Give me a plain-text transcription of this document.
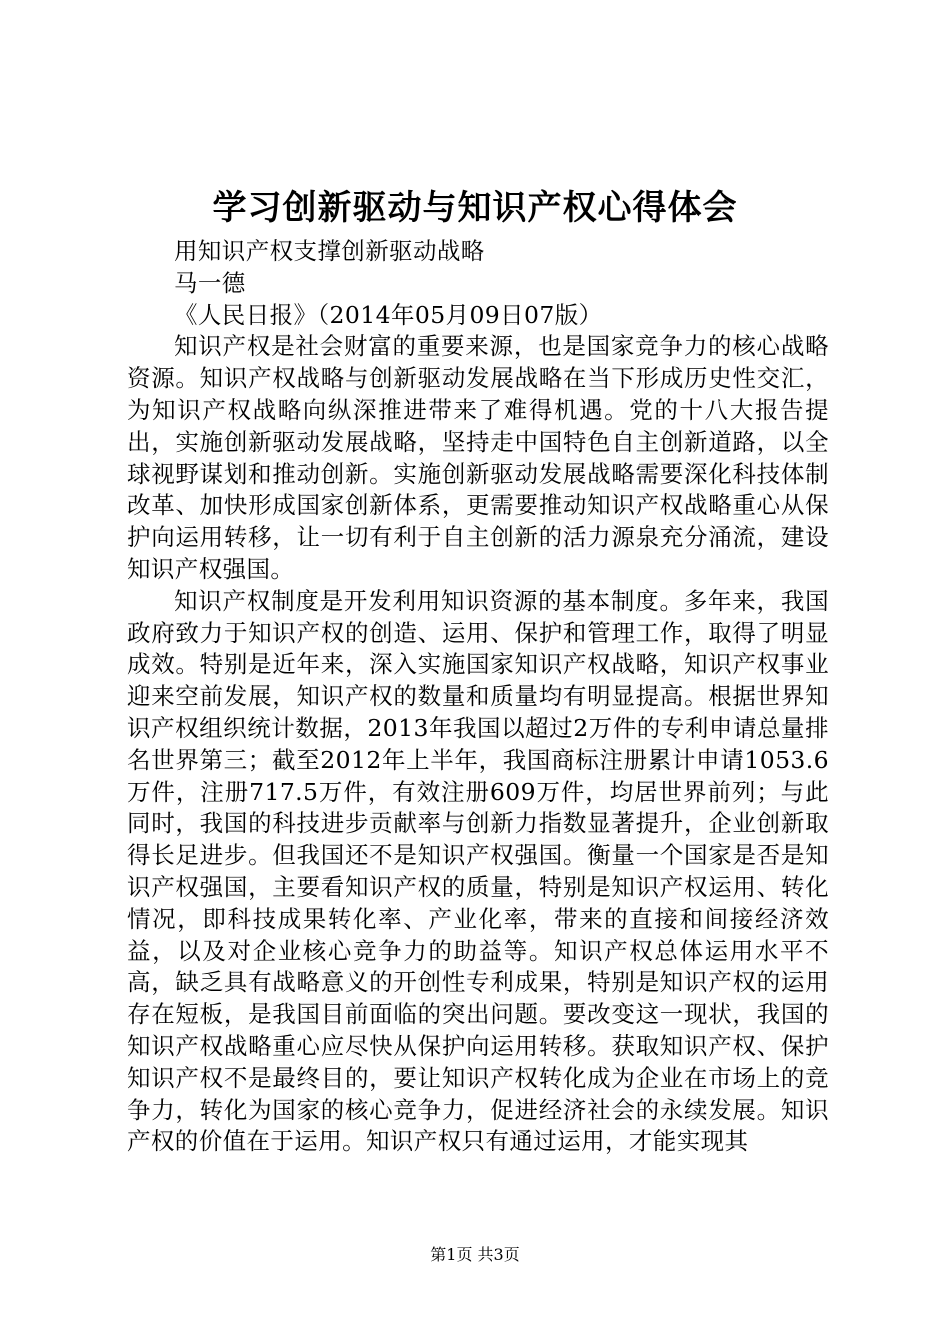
学习创新驱动与知识产权心得体会

用知识产权支撑创新驱动战略

马一德

《人民日报》（2014年05月09日07版）

知识产权是社会财富的重要来源，也是国家竞争力的核心战略资源。知识产权战略与创新驱动发展战略在当下形成历史性交汇，为知识产权战略向纵深推进带来了难得机遇。党的十八大报告提出，实施创新驱动发展战略，坚持走中国特色自主创新道路，以全球视野谋划和推动创新。实施创新驱动发展战略需要深化科技体制改革、加快形成国家创新体系，更需要推动知识产权战略重心从保护向运用转移，让一切有利于自主创新的活力源泉充分涌流，建设知识产权强国。

知识产权制度是开发利用知识资源的基本制度。多年来，我国政府致力于知识产权的创造、运用、保护和管理工作，取得了明显成效。特别是近年来，深入实施国家知识产权战略，知识产权事业迎来空前发展，知识产权的数量和质量均有明显提高。根据世界知识产权组织统计数据，2013年我国以超过2万件的专利申请总量排名世界第三；截至2012年上半年，我国商标注册累计申请1053.6万件，注册717.5万件，有效注册609万件，均居世界前列；与此同时，我国的科技进步贡献率与创新力指数显著提升，企业创新取得长足进步。但我国还不是知识产权强国。衡量一个国家是否是知识产权强国，主要看知识产权的质量，特别是知识产权运用、转化情况，即科技成果转化率、产业化率，带来的直接和间接经济效益，以及对企业核心竞争力的助益等。知识产权总体运用水平不高，缺乏具有战略意义的开创性专利成果，特别是知识产权的运用存在短板，是我国目前面临的突出问题。要改变这一现状，我国的知识产权战略重心应尽快从保护向运用转移。获取知识产权、保护知识产权不是最终目的，要让知识产权转化成为企业在市场上的竞争力，转化为国家的核心竞争力，促进经济社会的永续发展。知识产权的价值在于运用。知识产权只有通过运用，才能实现其

第1页 共3页
